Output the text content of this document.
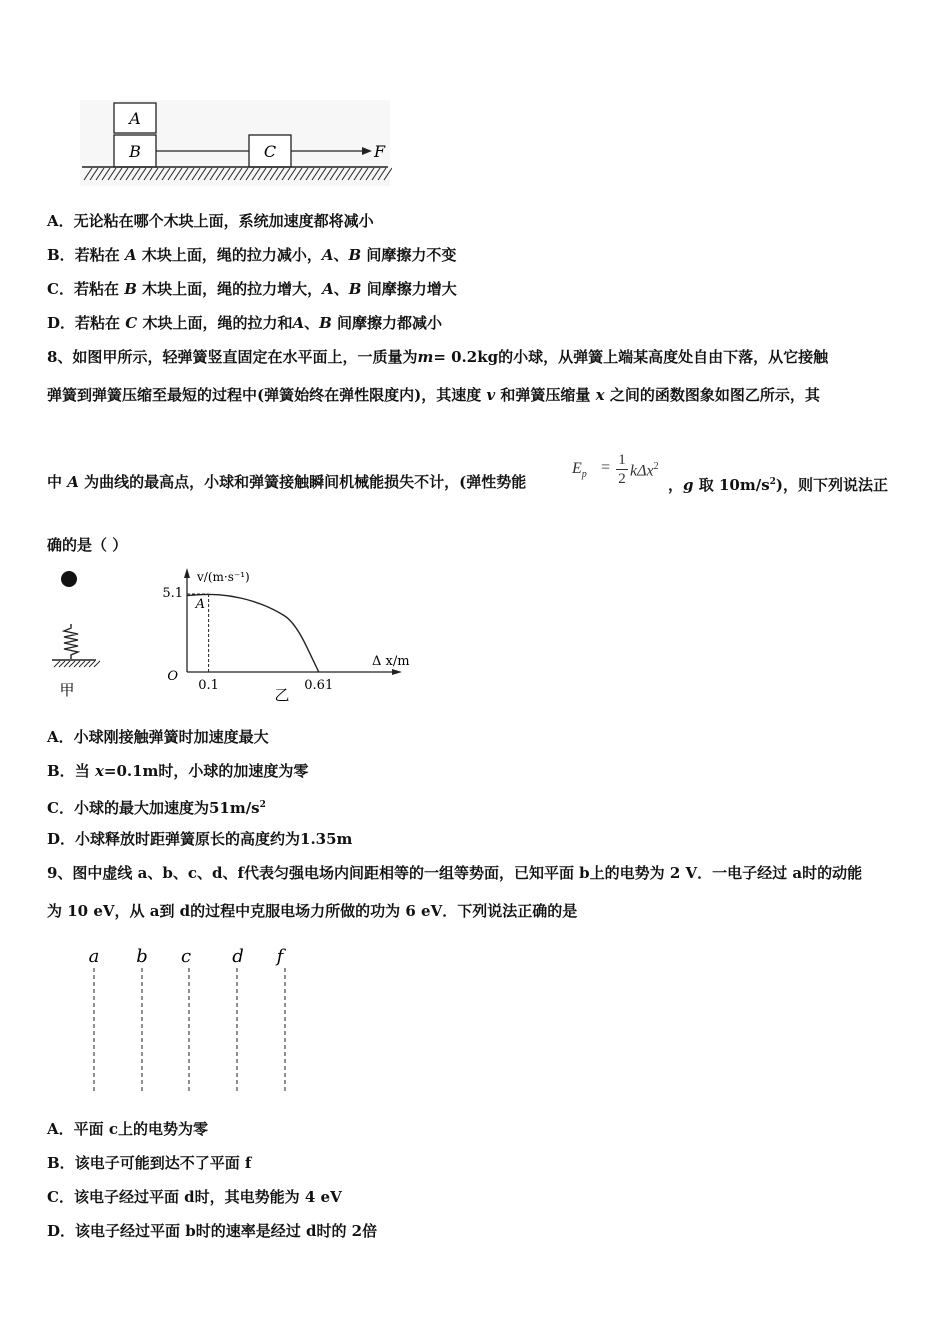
A
B	C	F
A．无论粘在哪个木块上面，系统加速度都将减小
B．若粘在 A 木块上面，绳的拉力减小，A、B 间摩擦力不变
C．若粘在 B 木块上面，绳的拉力增大，A、B 间摩擦力增大
D．若粘在 C 木块上面，绳的拉力和A、B 间摩擦力都减小
8、如图甲所示，轻弹簧竖直固定在水平面上，一质量为m= 0.2kg的小球，从弹簧上端某高度处自由下落，从它接触
弹簧到弹簧压缩至最短的过程中(弹簧始终在弹性限度内)，其速度 v 和弹簧压缩量 x 之间的函数图象如图乙所示，其
中 A 为曲线的最高点，小球和弹簧接触瞬间机械能损失不计，(弹性势能
$E_p = \frac{1}{2} k\Delta x^2$
，g 取 $10m/s^2$)，则下列说法正
确的是（ ）
甲
v/(m·s⁻¹)
Δ x/m
5.1
O
0.1	0.61
A
乙
A．小球刚接触弹簧时加速度最大
B．当 x=0.1m时，小球的加速度为零
C．小球的最大加速度为$51m/s^2$
D．小球释放时距弹簧原长的高度约为1.35m
9、图中虚线 a、b、c、d、f代表匀强电场内间距相等的一组等势面，已知平面 b上的电势为 2 V．一电子经过 a时的动能
为 10 eV，从 a到 d的过程中克服电场力所做的功为 6 eV．下列说法正确的是
a b c d f
A．平面 c上的电势为零
B．该电子可能到达不了平面 f
C．该电子经过平面 d时，其电势能为 4 eV
D．该电子经过平面 b时的速率是经过 d时的 2倍
